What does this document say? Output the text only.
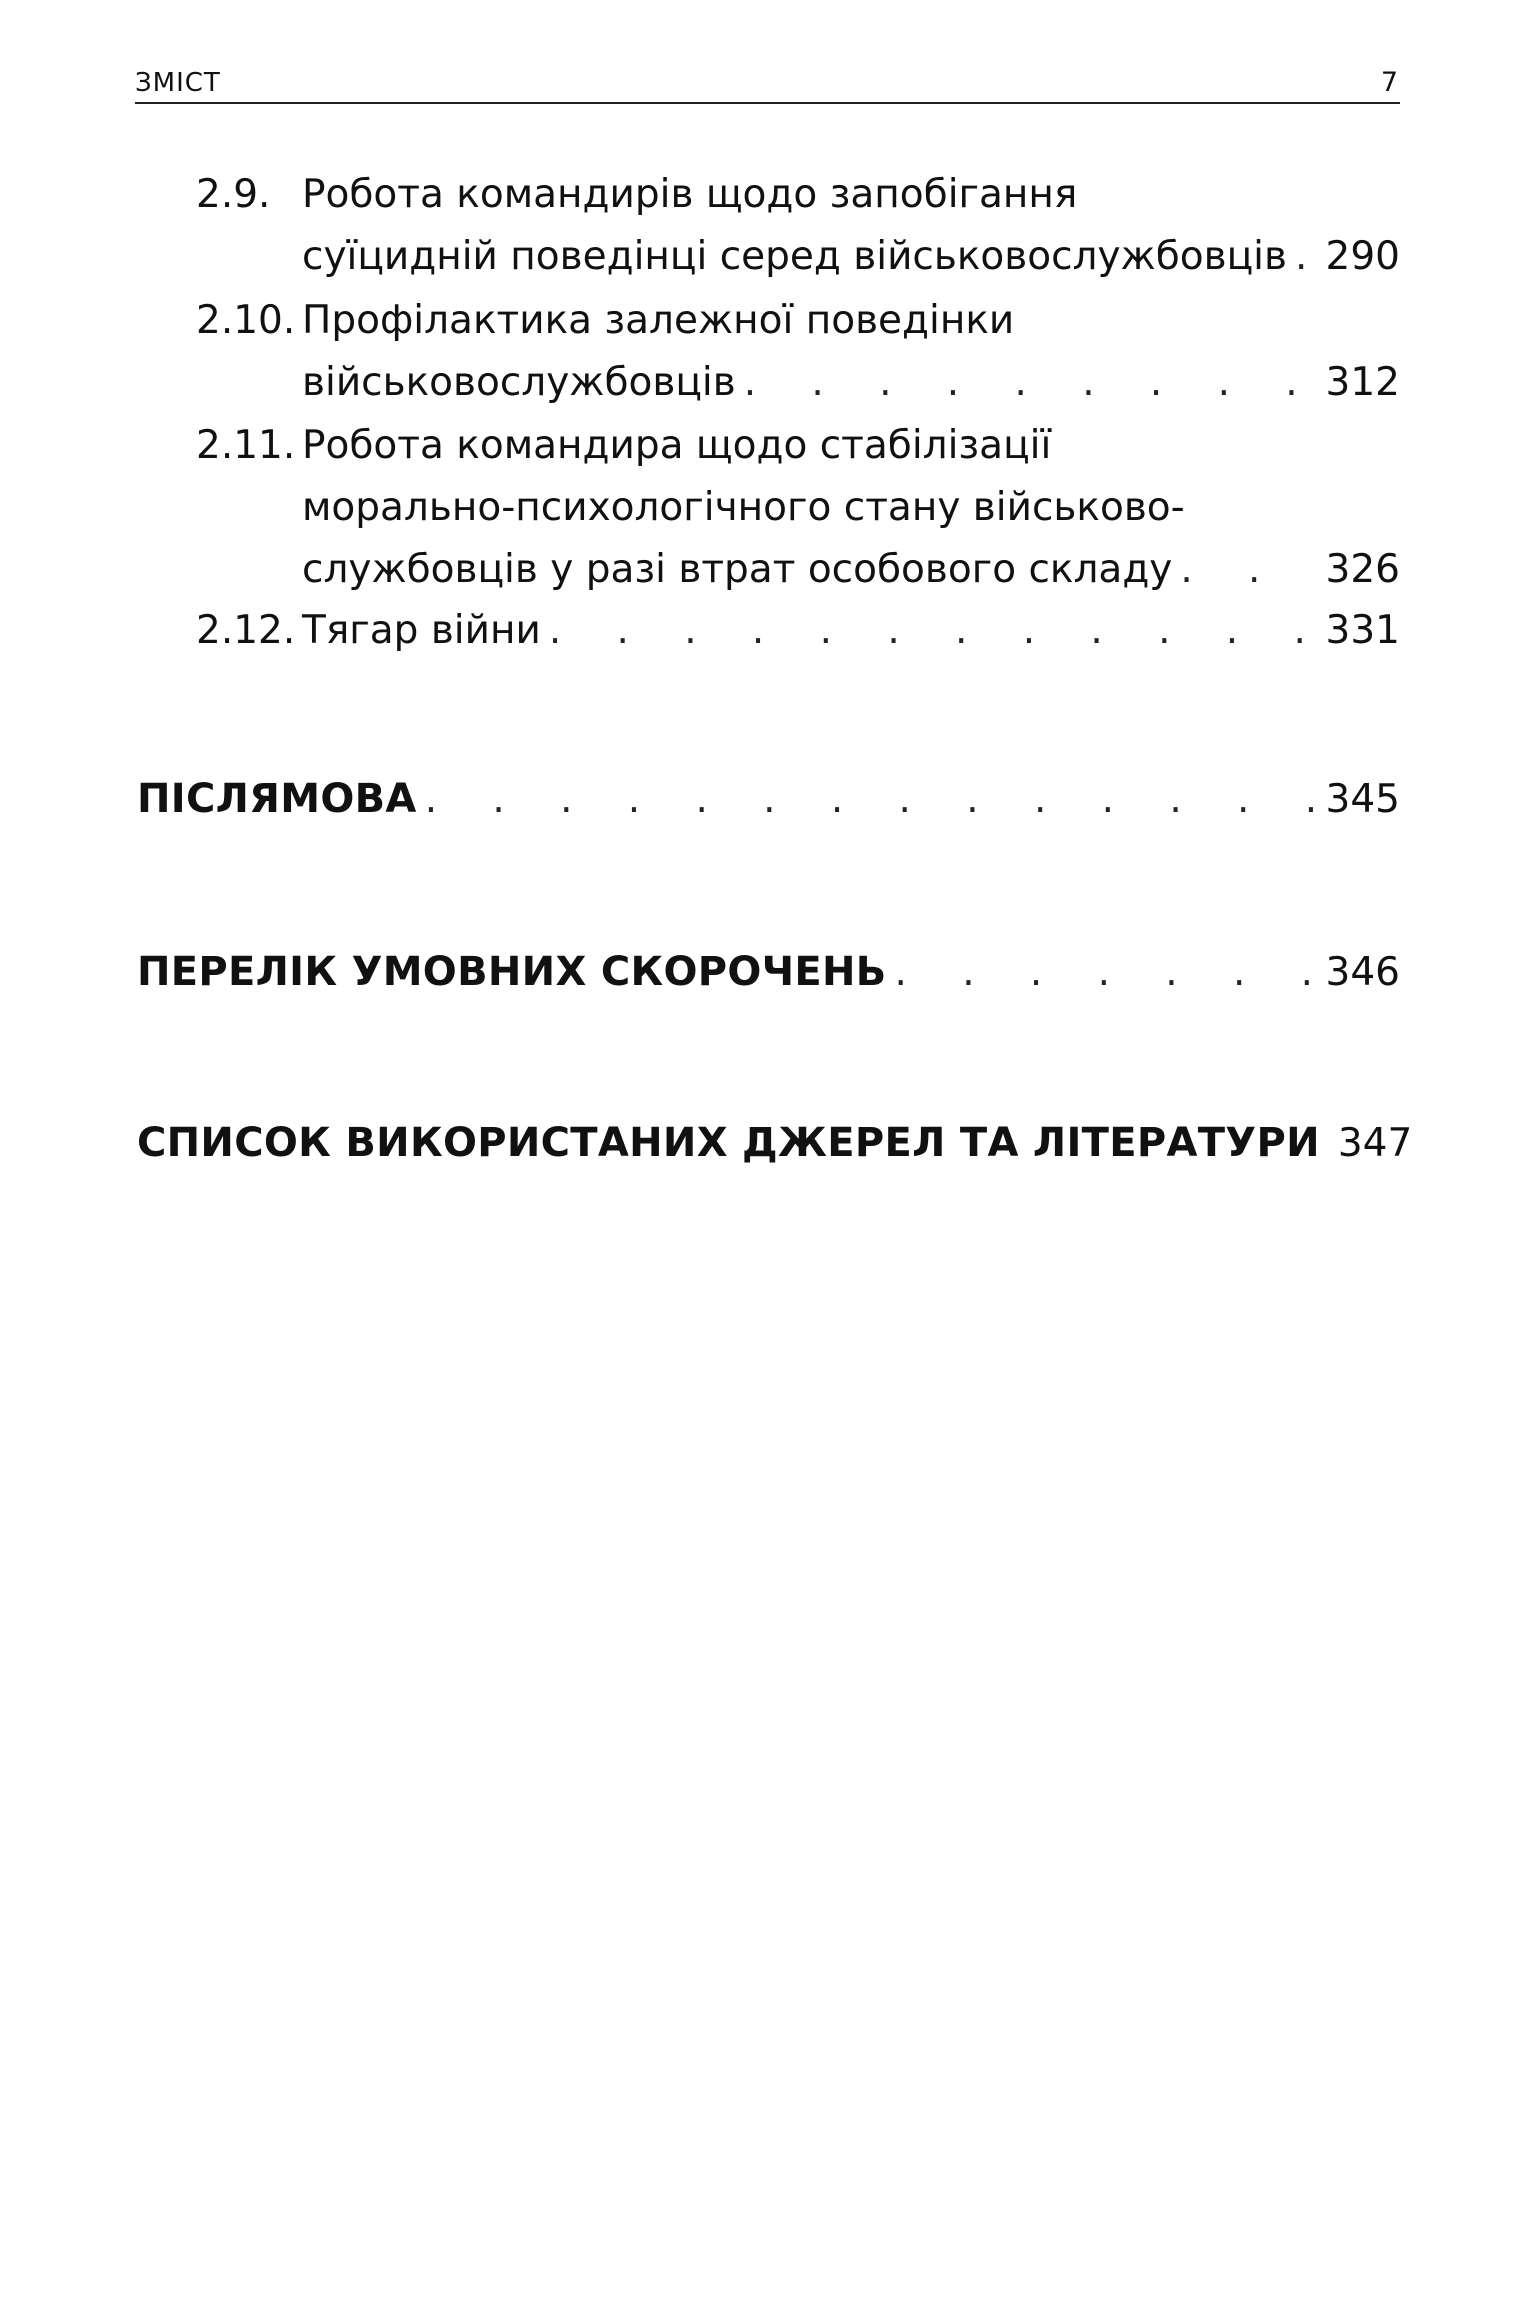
ЗМІСТ	7
2.9. Робота командирів щодо запобігання
суїцидній поведінці серед військовослужбовців . . . 290
2.10. Профілактика залежної поведінки
військовослужбовців . . .	312
2.11. Робота командира щодо стабілізації
морально-психологічного стану військово-
службовців у разі втрат особового складу . . .	326
2.12. Тягар війни . . .	331
ПІСЛЯМОВА . . .	345
ПЕРЕЛІК УМОВНИХ СКОРОЧЕНЬ . . .	346
СПИСОК ВИКОРИСТАНИХ ДЖЕРЕЛ ТА ЛІТЕРАТУРИ 347
